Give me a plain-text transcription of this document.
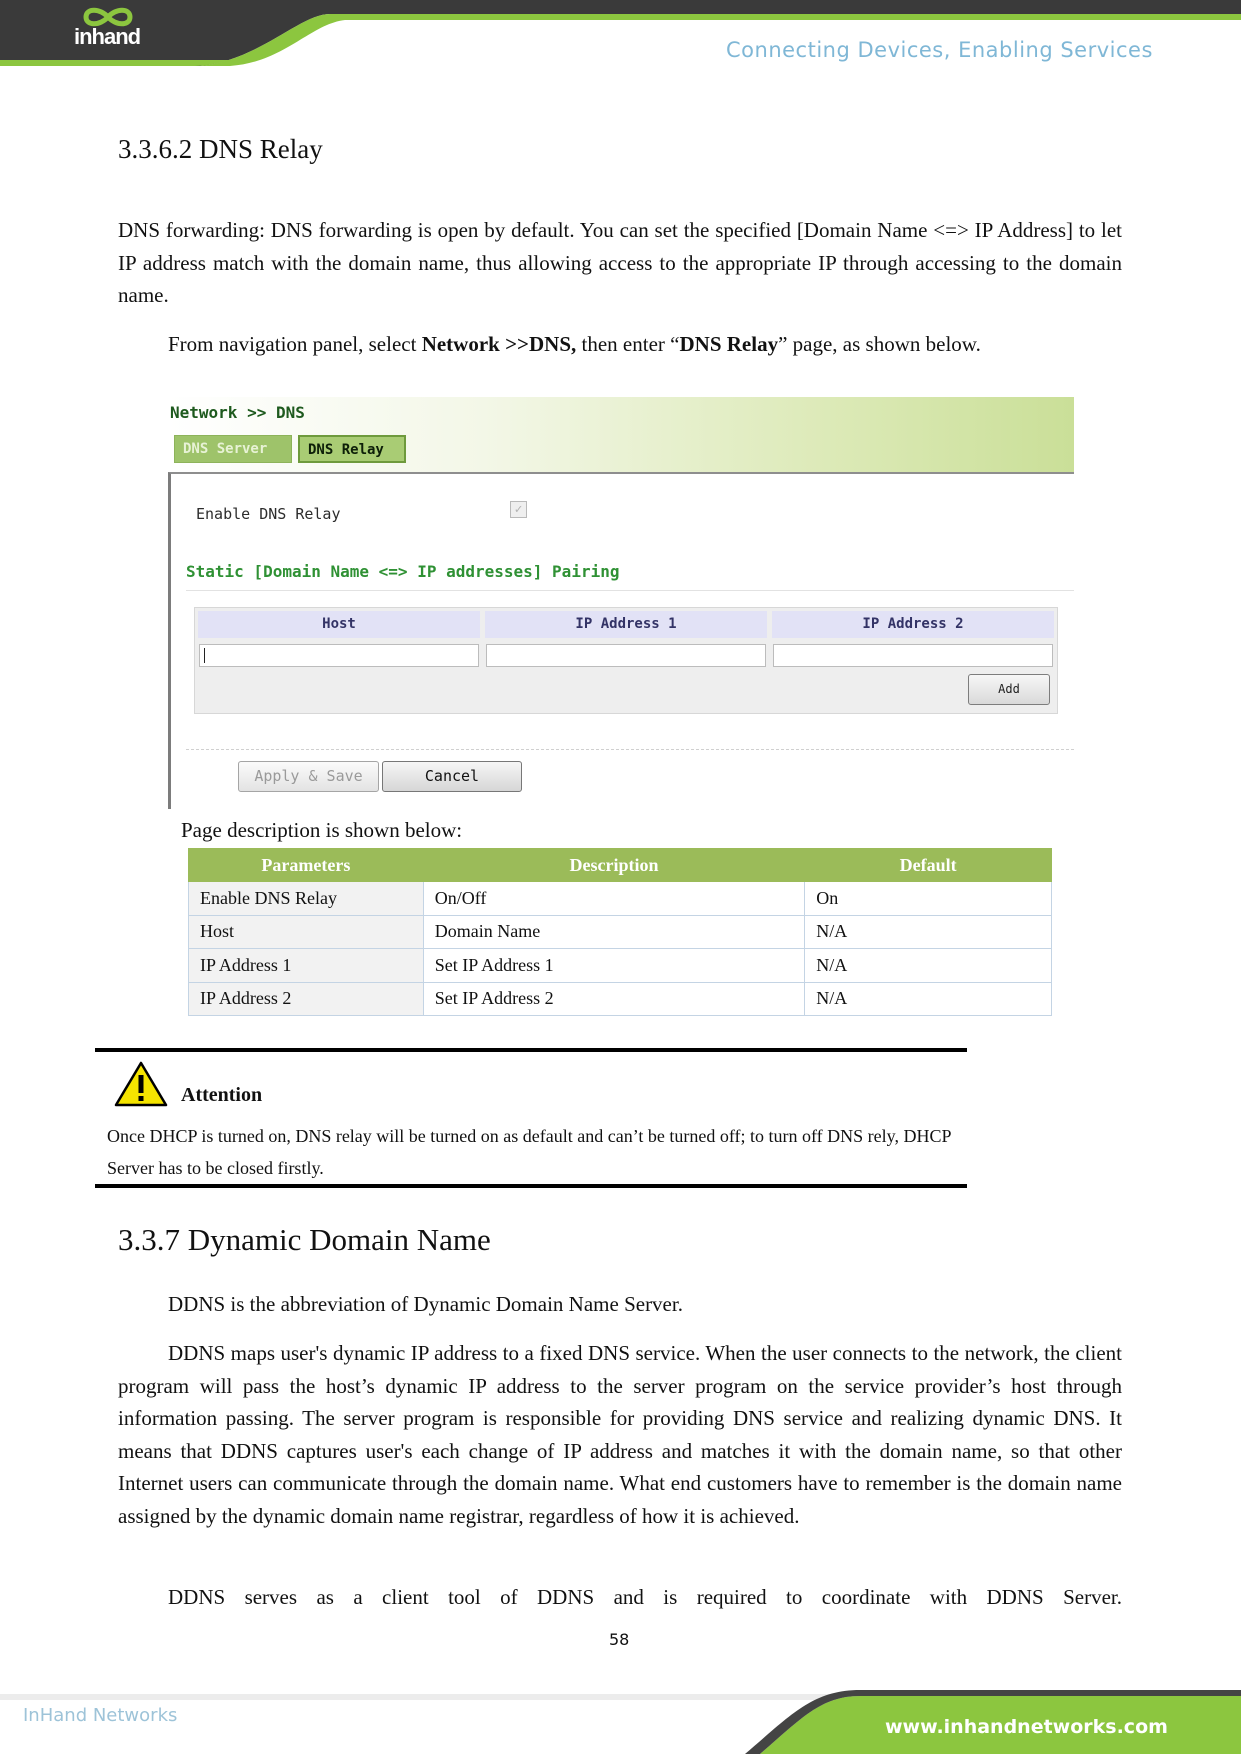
inhand
Connecting Devices, Enabling Services
3.3.6.2 DNS Relay

DNS forwarding: DNS forwarding is open by default. You can set the specified [Domain Name <=> IP Address] to let IP address match with the domain name, thus allowing access to the appropriate IP through accessing to the domain name.

From navigation panel, select Network >>DNS, then enter “DNS Relay” page, as shown below.

Network >> DNS
DNS Server	DNS Relay
Enable DNS Relay	✓
Static [Domain Name <=> IP addresses] Pairing
Host	IP Address 1	IP Address 2
Add
Apply & Save	Cancel
Page description is shown below:
Parameters	Description	Default
Enable DNS Relay	On/Off	On
Host	Domain Name	N/A
IP Address 1	Set IP Address 1	N/A
IP Address 2	Set IP Address 2	N/A
Attention

Once DHCP is turned on, DNS relay will be turned on as default and can’t be turned off; to turn off DNS rely, DHCP Server has to be closed firstly.

3.3.7 Dynamic Domain Name

DDNS is the abbreviation of Dynamic Domain Name Server.

DDNS maps user's dynamic IP address to a fixed DNS service. When the user connects to the network, the client program will pass the host’s dynamic IP address to the server program on the service provider’s host through information passing. The server program is responsible for providing DNS service and realizing dynamic DNS. It means that DDNS captures user's each change of IP address and matches it with the domain name, so that other Internet users can communicate through the domain name. What end customers have to remember is the domain name assigned by the dynamic domain name registrar, regardless of how it is achieved.

DDNS serves as a client tool of DDNS and is required to coordinate with DDNS Server.

58
InHand Networks
www.inhandnetworks.com
